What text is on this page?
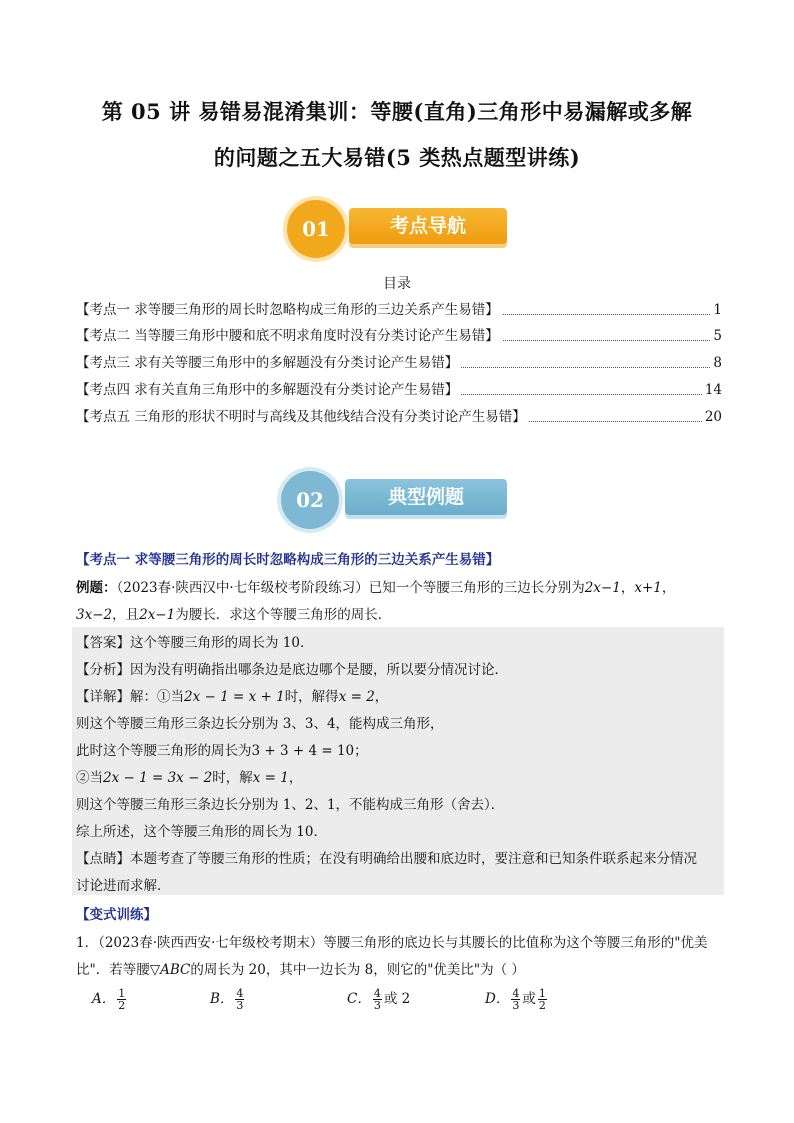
第 05 讲 易错易混淆集训：等腰(直角)三角形中易漏解或多解
的问题之五大易错(5 类热点题型讲练)
01	考点导航
目录
【考点一 求等腰三角形的周长时忽略构成三角形的三边关系产生易错】	1
【考点二 当等腰三角形中腰和底不明求角度时没有分类讨论产生易错】	5
【考点三 求有关等腰三角形中的多解题没有分类讨论产生易错】	8
【考点四 求有关直角三角形中的多解题没有分类讨论产生易错】	14
【考点五 三角形的形状不明时与高线及其他线结合没有分类讨论产生易错】	20
02	典型例题
【考点一 求等腰三角形的周长时忽略构成三角形的三边关系产生易错】
例题：（2023春·陕西汉中·七年级校考阶段练习）已知一个等腰三角形的三边长分别为2x−1，x+1，
3x−2，且2x−1为腰长．求这个等腰三角形的周长．
【答案】这个等腰三角形的周长为 10．
【分析】因为没有明确指出哪条边是底边哪个是腰，所以要分情况讨论．
【详解】解：①当2x − 1 = x + 1时，解得x = 2，
则这个等腰三角形三条边长分别为 3、3、4，能构成三角形，
此时这个等腰三角形的周长为3 + 3 + 4 = 10；
②当2x − 1 = 3x − 2时，解x = 1，
则这个等腰三角形三条边长分别为 1、2、1，不能构成三角形（舍去）．
综上所述，这个等腰三角形的周长为 10．
【点睛】本题考查了等腰三角形的性质；在没有明确给出腰和底边时，要注意和已知条件联系起来分情况
讨论进而求解．
【变式训练】
1．（2023春·陕西西安·七年级校考期末）等腰三角形的底边长与其腰长的比值称为这个等腰三角形的"优美
比"．若等腰▽ABC的周长为 20，其中一边长为 8，则它的"优美比"为（ ）
A． $\frac{1}{2}$	B． $\frac{4}{3}$	C． $\frac{4}{3}$ 或 2	D． $\frac{4}{3}$ 或 $\frac{1}{2}$
